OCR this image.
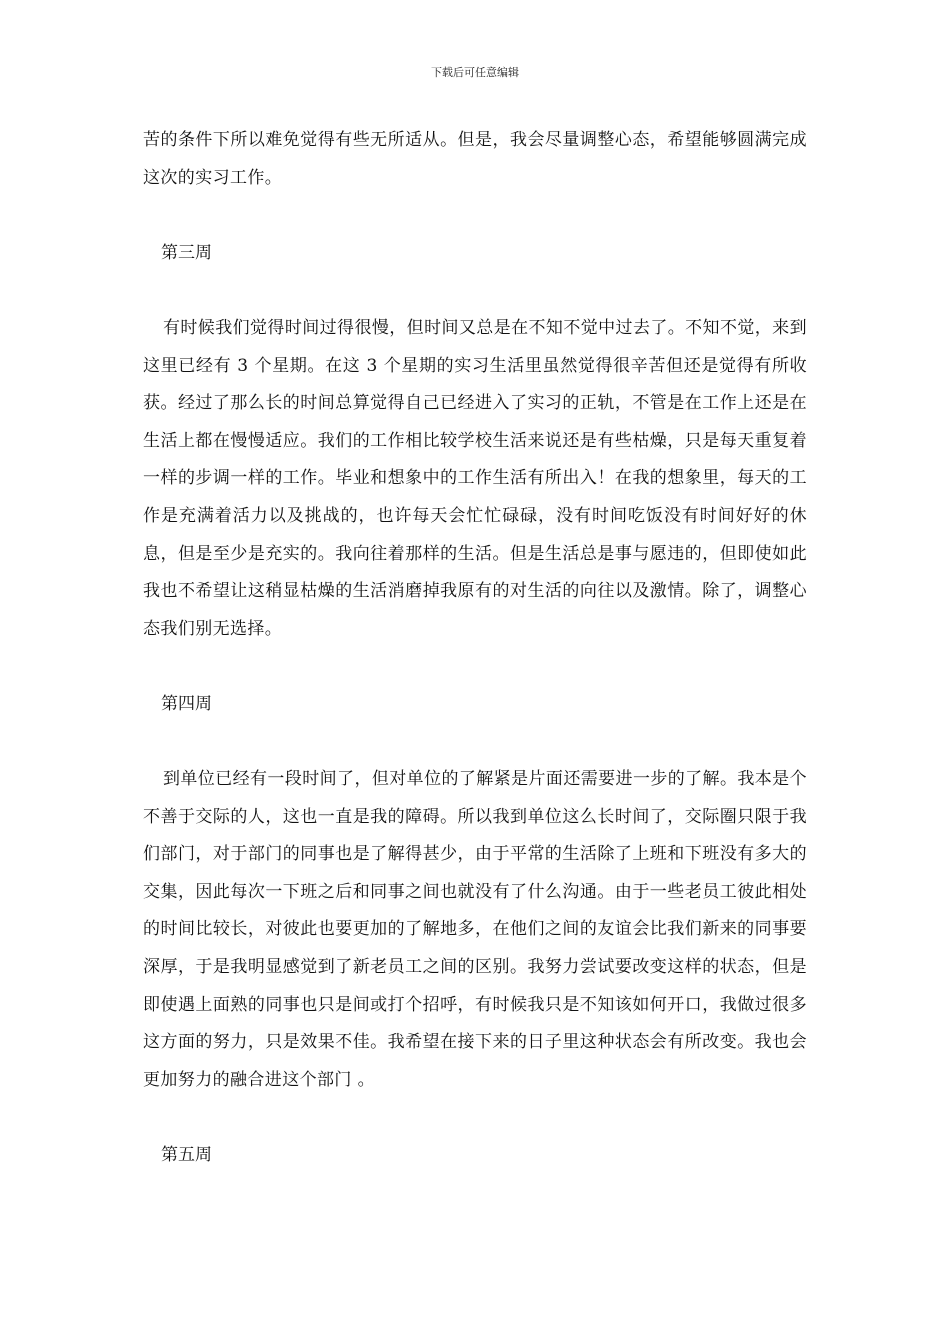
下载后可任意编辑

苦的条件下所以难免觉得有些无所适从。但是，我会尽量调整心态，希望能够圆满完成这次的实习工作。

第三周

有时候我们觉得时间过得很慢，但时间又总是在不知不觉中过去了。不知不觉，来到这里已经有 3 个星期。在这 3 个星期的实习生活里虽然觉得很辛苦但还是觉得有所收获。经过了那么长的时间总算觉得自己已经进入了实习的正轨，不管是在工作上还是在生活上都在慢慢适应。我们的工作相比较学校生活来说还是有些枯燥，只是每天重复着一样的步调一样的工作。毕业和想象中的工作生活有所出入！在我的想象里，每天的工作是充满着活力以及挑战的，也许每天会忙忙碌碌，没有时间吃饭没有时间好好的休息，但是至少是充实的。我向往着那样的生活。但是生活总是事与愿违的，但即使如此我也不希望让这稍显枯燥的生活消磨掉我原有的对生活的向往以及激情。除了，调整心态我们别无选择。

第四周

到单位已经有一段时间了，但对单位的了解紧是片面还需要进一步的了解。我本是个不善于交际的人，这也一直是我的障碍。所以我到单位这么长时间了，交际圈只限于我们部门，对于部门的同事也是了解得甚少，由于平常的生活除了上班和下班没有多大的交集，因此每次一下班之后和同事之间也就没有了什么沟通。由于一些老员工彼此相处的时间比较长，对彼此也要更加的了解地多，在他们之间的友谊会比我们新来的同事要深厚，于是我明显感觉到了新老员工之间的区别。我努力尝试要改变这样的状态，但是即使遇上面熟的同事也只是间或打个招呼，有时候我只是不知该如何开口，我做过很多这方面的努力，只是效果不佳。我希望在接下来的日子里这种状态会有所改变。我也会更加努力的融合进这个部门 。

第五周
